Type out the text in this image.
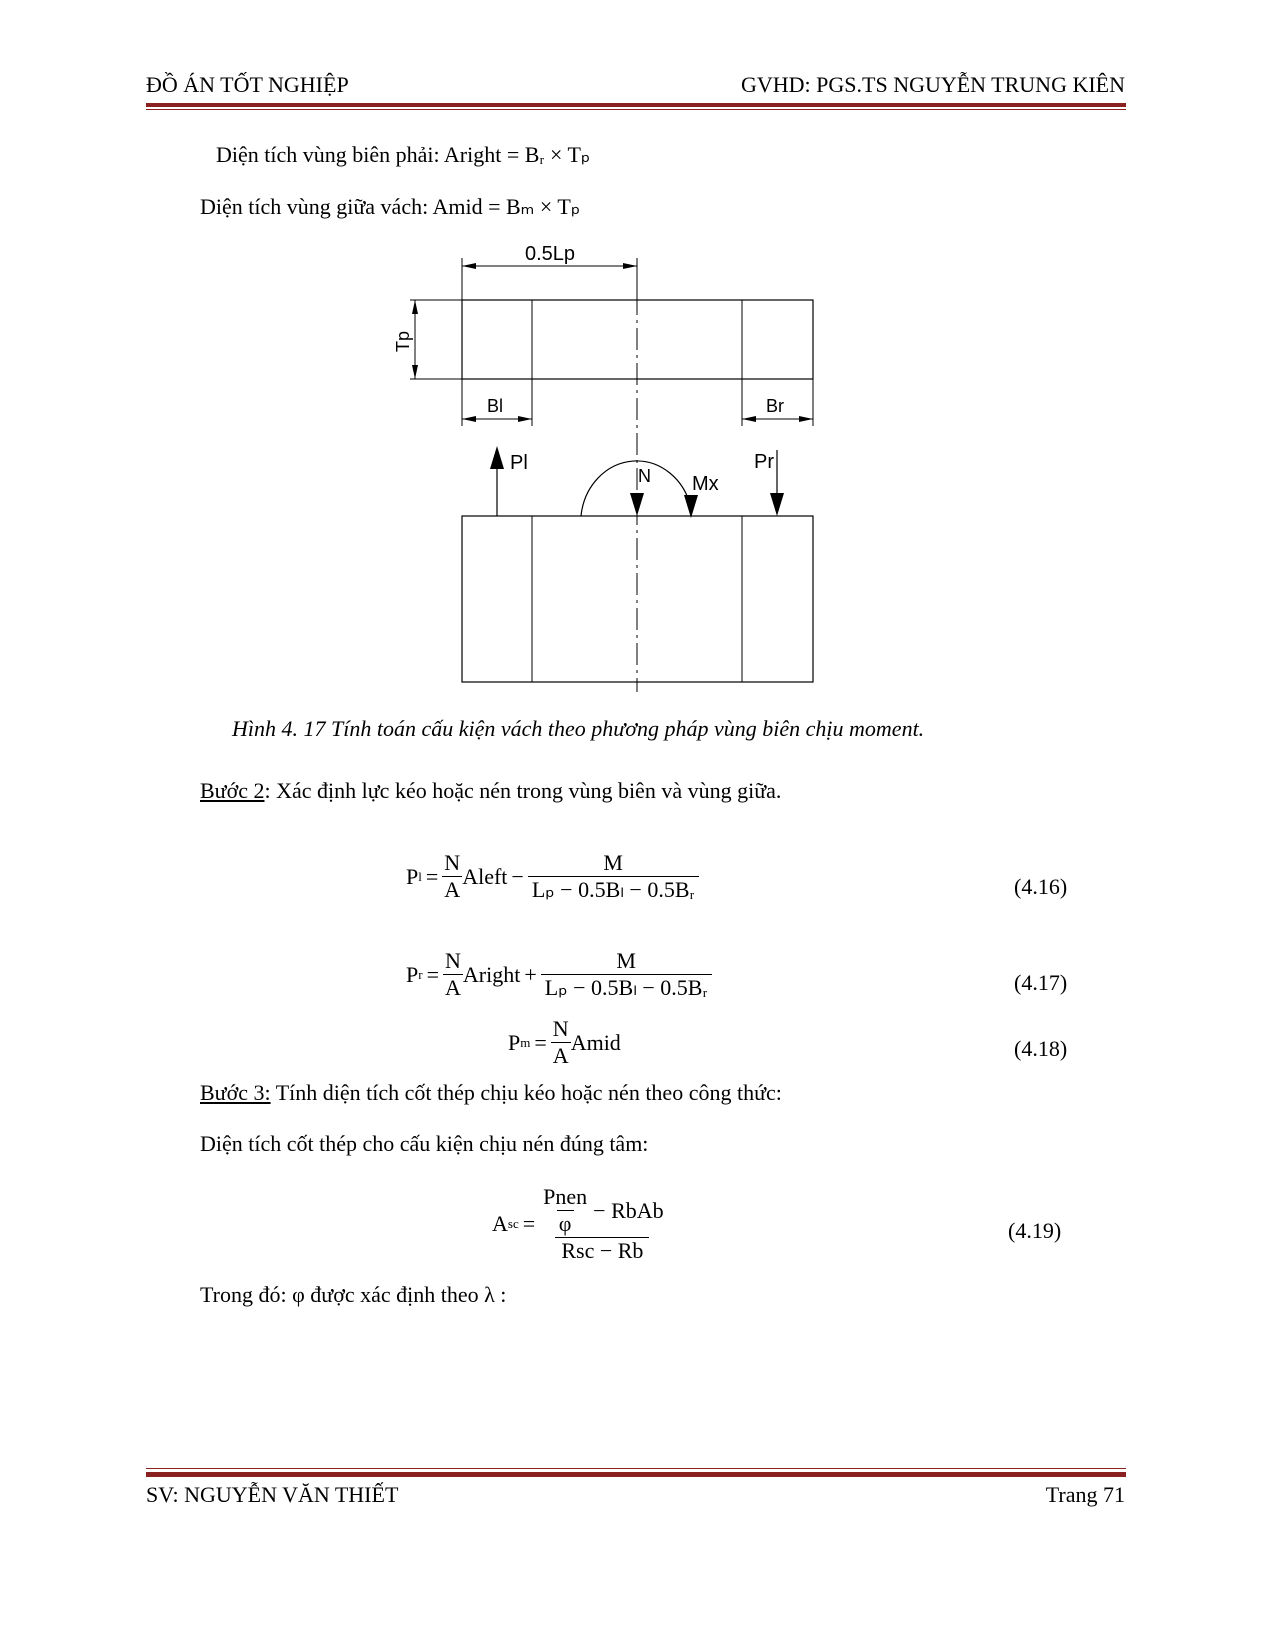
ĐỒ ÁN TỐT NGHIỆP	GVHD: PGS.TS NGUYỄN TRUNG KIÊN
Diện tích vùng biên phải: Aright = Bᵣ × Tₚ
Diện tích vùng giữa vách: Amid = Bₘ × Tₚ
0.5Lp
Tp
Bl	Br
Pl
N Mx
Pr
Hình 4. 17 Tính toán cấu kiện vách theo phương pháp vùng biên chịu moment.
Bước 2: Xác định lực kéo hoặc nén trong vùng biên và vùng giữa.
P $l = \frac{N}{A}$ Aleft − $\frac{M}{\text{Lₚ − 0.5Bₗ − 0.5Bᵣ}}$	(4.16)
P $r = \frac{N}{A}$ Aright + $\frac{M}{\text{Lₚ − 0.5Bₗ − 0.5Bᵣ}}$	(4.17)
P $m = \frac{N}{A}$ Amid	(4.18)
Bước 3: Tính diện tích cốt thép chịu kéo hoặc nén theo công thức:
Diện tích cốt thép cho cấu kiện chịu nén đúng tâm:
A sc = $\frac{\frac{\text{Pnen}}{\varphi} - RbAb}{\text{Rsc − Rb}}$	(4.19)
Trong đó: φ được xác định theo λ :
SV: NGUYỄN VĂN THIẾT	Trang 71
